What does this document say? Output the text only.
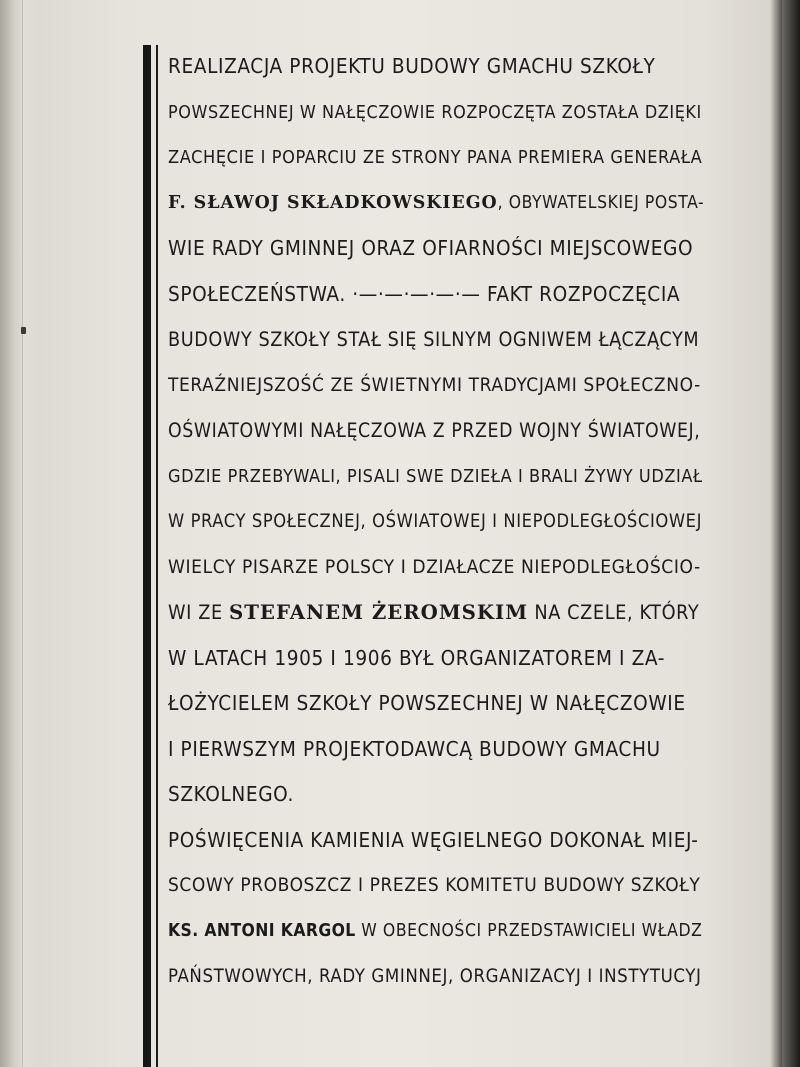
REALIZACJA PROJEKTU BUDOWY GMACHU SZKOŁY
POWSZECHNEJ W NAŁĘCZOWIE ROZPOCZĘTA ZOSTAŁA DZIĘKI
ZACHĘCIE I POPARCIU ZE STRONY PANA PREMIERA GENERAŁA
F. SŁAWOJ SKŁADKOWSKIEGO, OBYWATELSKIEJ POSTA-
WIE RADY GMINNEJ ORAZ OFIARNOŚCI MIEJSCOWEGO
SPOŁECZEŃSTWA. ·—·—·—·—·— FAKT ROZPOCZĘCIA
BUDOWY SZKOŁY STAŁ SIĘ SILNYM OGNIWEM ŁĄCZĄCYM
TERAŹNIEJSZOŚĆ ZE ŚWIETNYMI TRADYCJAMI SPOŁECZNO-
OŚWIATOWYMI NAŁĘCZOWA Z PRZED WOJNY ŚWIATOWEJ,
GDZIE PRZEBYWALI, PISALI SWE DZIEŁA I BRALI ŻYWY UDZIAŁ
W PRACY SPOŁECZNEJ, OŚWIATOWEJ I NIEPODLEGŁOŚCIOWEJ
WIELCY PISARZE POLSCY I DZIAŁACZE NIEPODLEGŁOŚCIO-
WI ZE STEFANEM ŻEROMSKIM NA CZELE, KTÓRY
W LATACH 1905 I 1906 BYŁ ORGANIZATOREM I ZA-
ŁOŻYCIELEM SZKOŁY POWSZECHNEJ W NAŁĘCZOWIE
I PIERWSZYM PROJEKTODAWCĄ BUDOWY GMACHU
SZKOLNEGO.
POŚWIĘCENIA KAMIENIA WĘGIELNEGO DOKONAŁ MIEJ-
SCOWY PROBOSZCZ I PREZES KOMITETU BUDOWY SZKOŁY
KS. ANTONI KARGOL W OBECNOŚCI PRZEDSTAWICIELI WŁADZ
PAŃSTWOWYCH, RADY GMINNEJ, ORGANIZACYJ I INSTYTUCYJ
